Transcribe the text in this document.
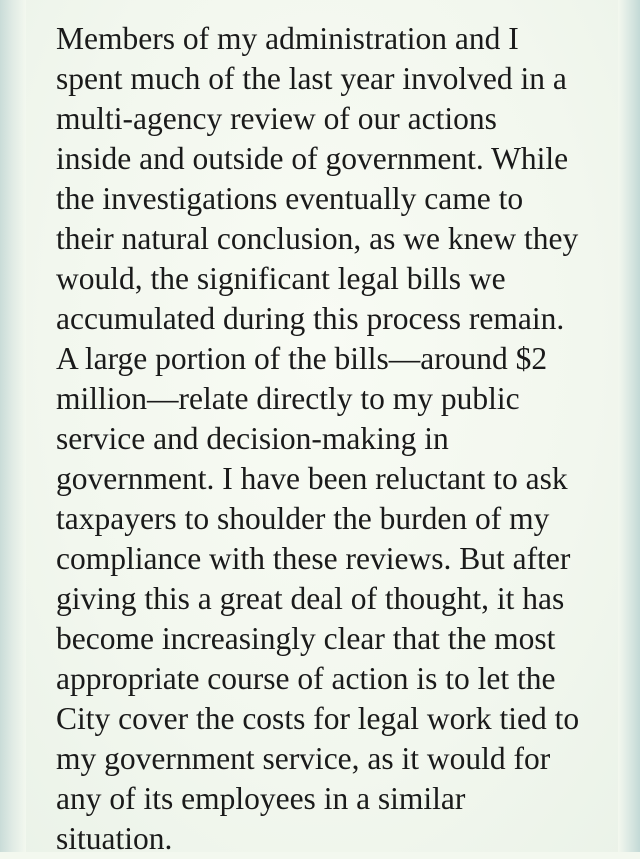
Members of my administration and I
spent much of the last year involved in a
multi-agency review of our actions
inside and outside of government. While
the investigations eventually came to
their natural conclusion, as we knew they
would, the significant legal bills we
accumulated during this process remain.
A large portion of the bills—around $2
million—relate directly to my public
service and decision-making in
government. I have been reluctant to ask
taxpayers to shoulder the burden of my
compliance with these reviews. But after
giving this a great deal of thought, it has
become increasingly clear that the most
appropriate course of action is to let the
City cover the costs for legal work tied to
my government service, as it would for
any of its employees in a similar
situation.
